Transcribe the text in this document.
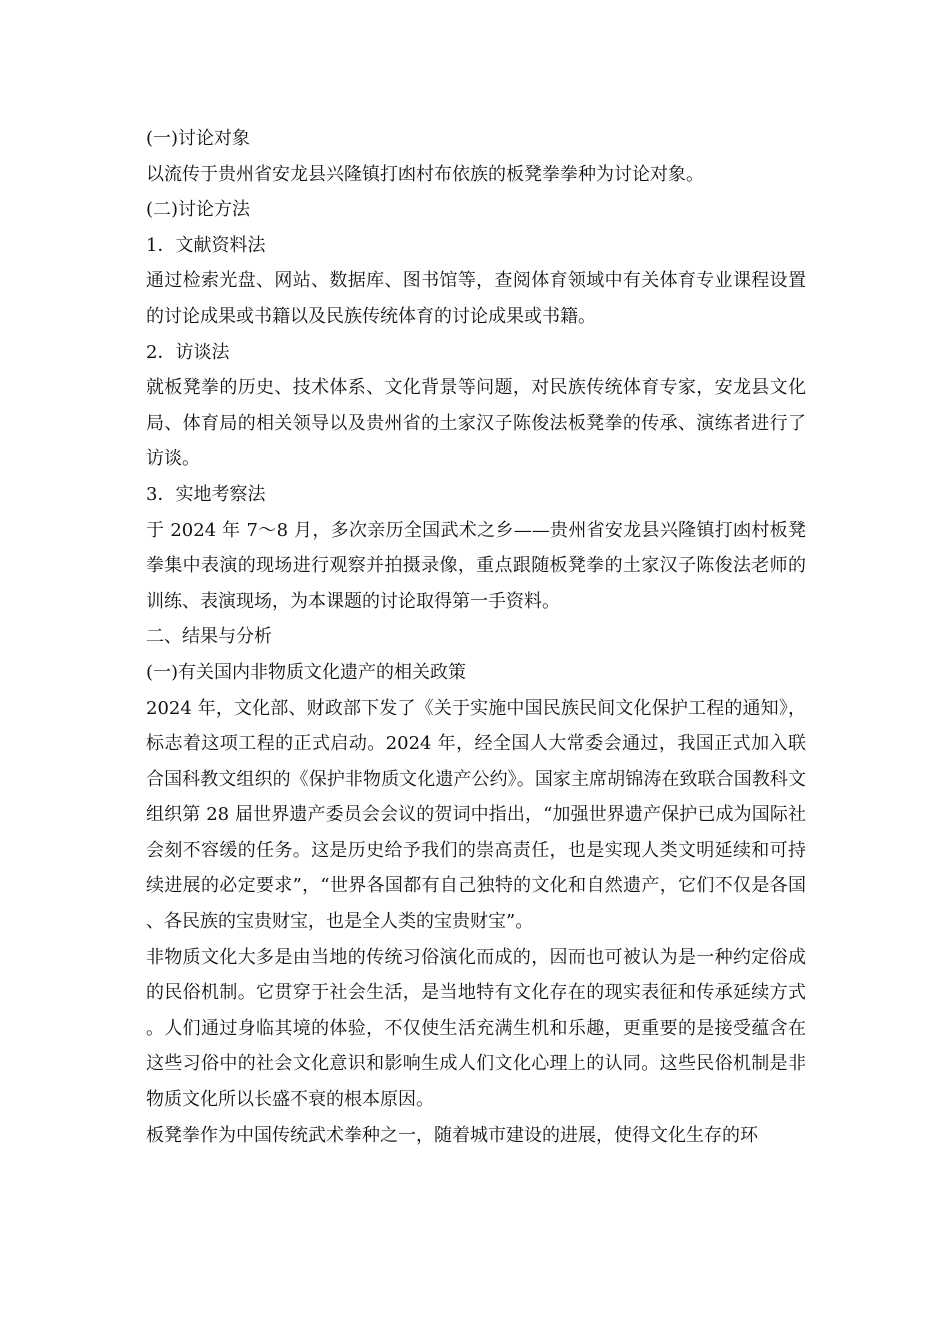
(一)讨论对象

以流传于贵州省安龙县兴隆镇打凼村布依族的板凳拳拳种为讨论对象。

(二)讨论方法

1．文献资料法

通过检索光盘、网站、数据库、图书馆等，查阅体育领域中有关体育专业课程设置的讨论成果或书籍以及民族传统体育的讨论成果或书籍。

2．访谈法

就板凳拳的历史、技术体系、文化背景等问题，对民族传统体育专家，安龙县文化局、体育局的相关领导以及贵州省的土家汉子陈俊法板凳拳的传承、演练者进行了访谈。

3．实地考察法

于 2024 年 7～8 月，多次亲历全国武术之乡——贵州省安龙县兴隆镇打凼村板凳拳集中表演的现场进行观察并拍摄录像，重点跟随板凳拳的土家汉子陈俊法老师的训练、表演现场，为本课题的讨论取得第一手资料。

二、结果与分析

(一)有关国内非物质文化遗产的相关政策

2024 年，文化部、财政部下发了《关于实施中国民族民间文化保护工程的通知》，标志着这项工程的正式启动。2024 年，经全国人大常委会通过，我国正式加入联合国科教文组织的《保护非物质文化遗产公约》。国家主席胡锦涛在致联合国教科文组织第 28 届世界遗产委员会会议的贺词中指出，“加强世界遗产保护已成为国际社会刻不容缓的任务。这是历史给予我们的崇高责任，也是实现人类文明延续和可持续进展的必定要求”，“世界各国都有自己独特的文化和自然遗产，它们不仅是各国、各民族的宝贵财宝，也是全人类的宝贵财宝”。

非物质文化大多是由当地的传统习俗演化而成的，因而也可被认为是一种约定俗成的民俗机制。它贯穿于社会生活，是当地特有文化存在的现实表征和传承延续方式。人们通过身临其境的体验，不仅使生活充满生机和乐趣，更重要的是接受蕴含在这些习俗中的社会文化意识和影响生成人们文化心理上的认同。这些民俗机制是非物质文化所以长盛不衰的根本原因。

板凳拳作为中国传统武术拳种之一，随着城市建设的进展，使得文化生存的环
